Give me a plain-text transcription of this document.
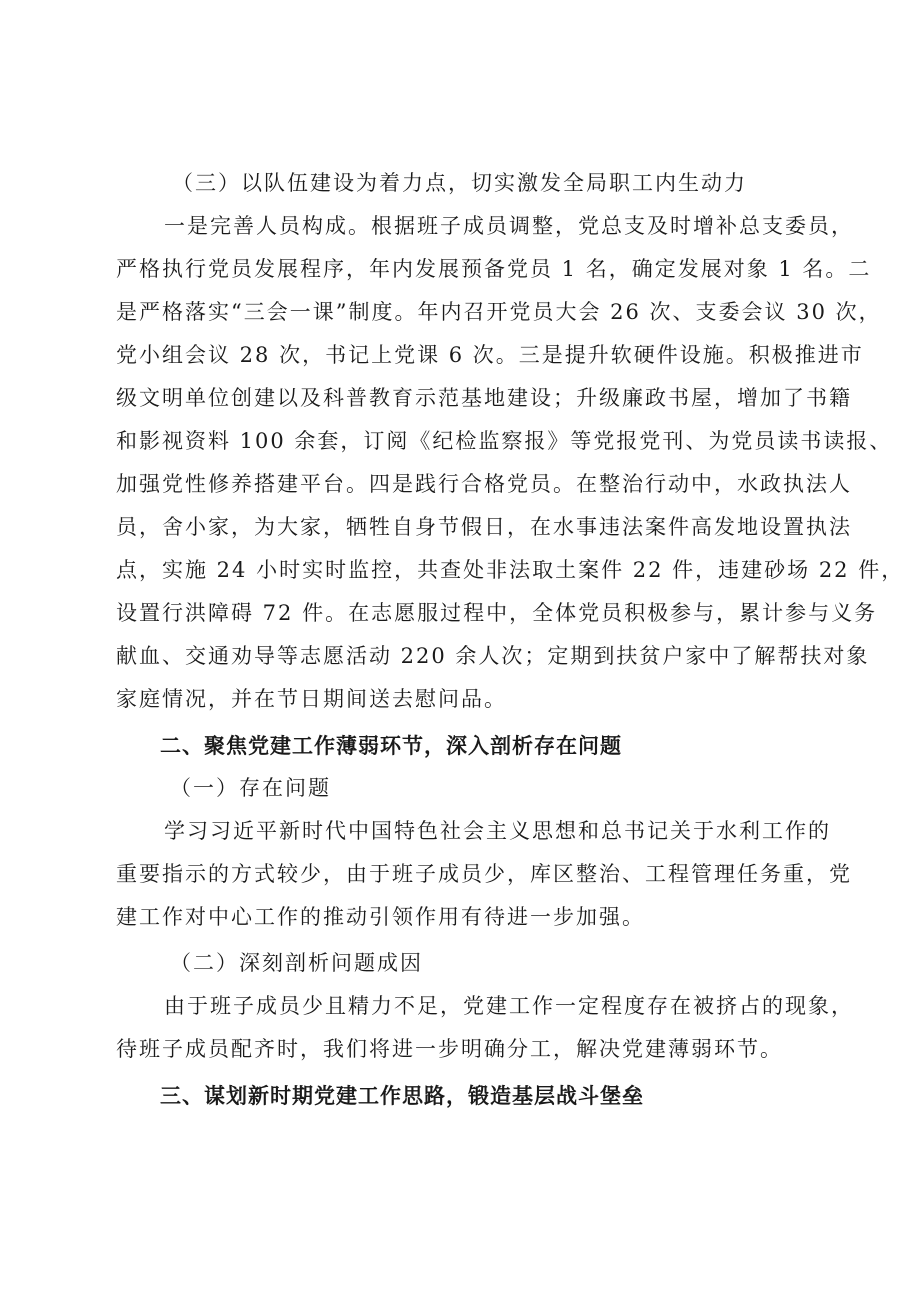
（三）以队伍建设为着力点，切实激发全局职工内生动力
一是完善人员构成。根据班子成员调整，党总支及时增补总支委员，
严格执行党员发展程序，年内发展预备党员 1 名，确定发展对象 1 名。二
是严格落实“三会一课”制度。年内召开党员大会 26 次、支委会议 30 次，
党小组会议 28 次，书记上党课 6 次。三是提升软硬件设施。积极推进市
级文明单位创建以及科普教育示范基地建设；升级廉政书屋，增加了书籍
和影视资料 100 余套，订阅《纪检监察报》等党报党刊、为党员读书读报、
加强党性修养搭建平台。四是践行合格党员。在整治行动中，水政执法人
员，舍小家，为大家，牺牲自身节假日，在水事违法案件高发地设置执法
点，实施 24 小时实时监控，共查处非法取土案件 22 件，违建砂场 22 件，
设置行洪障碍 72 件。在志愿服过程中，全体党员积极参与，累计参与义务
献血、交通劝导等志愿活动 220 余人次；定期到扶贫户家中了解帮扶对象
家庭情况，并在节日期间送去慰问品。
二、聚焦党建工作薄弱环节，深入剖析存在问题
（一）存在问题
学习习近平新时代中国特色社会主义思想和总书记关于水利工作的
重要指示的方式较少，由于班子成员少，库区整治、工程管理任务重，党
建工作对中心工作的推动引领作用有待进一步加强。
（二）深刻剖析问题成因
由于班子成员少且精力不足，党建工作一定程度存在被挤占的现象，
待班子成员配齐时，我们将进一步明确分工，解决党建薄弱环节。
三、谋划新时期党建工作思路，锻造基层战斗堡垒
